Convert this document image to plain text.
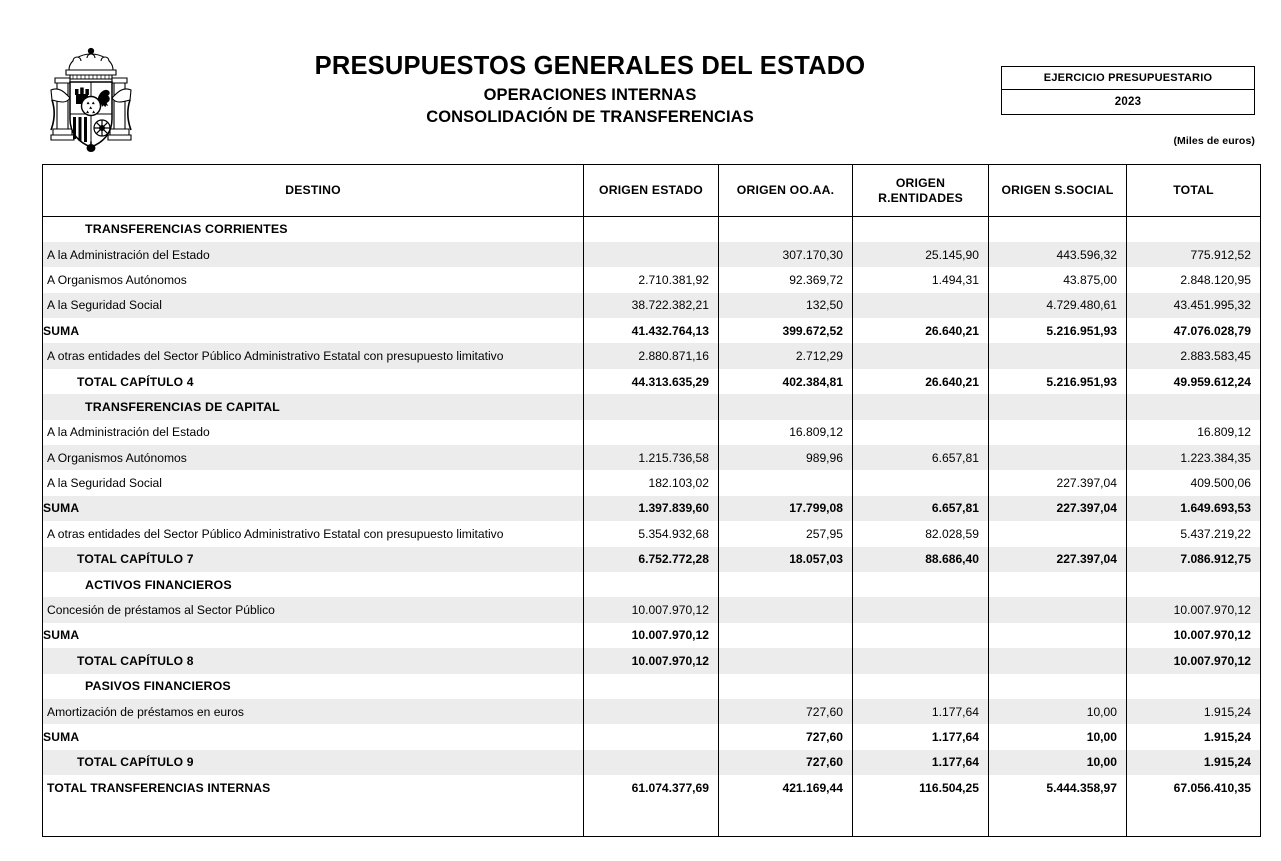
PRESUPUESTOS GENERALES DEL ESTADO
OPERACIONES INTERNAS
CONSOLIDACIÓN DE TRANSFERENCIAS
EJERCICIO PRESUPUESTARIO
2023
(Miles de euros)
DESTINO	ORIGEN ESTADO	ORIGEN OO.AA.	ORIGEN
R.ENTIDADES	ORIGEN S.SOCIAL	TOTAL
TRANSFERENCIAS CORRIENTES					
A la Administración del Estado		307.170,30	25.145,90	443.596,32	775.912,52
A Organismos Autónomos	2.710.381,92	92.369,72	1.494,31	43.875,00	2.848.120,95
A la Seguridad Social	38.722.382,21	132,50		4.729.480,61	43.451.995,32
SUMA	41.432.764,13	399.672,52	26.640,21	5.216.951,93	47.076.028,79
A otras entidades del Sector Público Administrativo Estatal con presupuesto limitativo	2.880.871,16	2.712,29			2.883.583,45
TOTAL CAPÍTULO 4	44.313.635,29	402.384,81	26.640,21	5.216.951,93	49.959.612,24
TRANSFERENCIAS DE CAPITAL					
A la Administración del Estado		16.809,12			16.809,12
A Organismos Autónomos	1.215.736,58	989,96	6.657,81		1.223.384,35
A la Seguridad Social	182.103,02			227.397,04	409.500,06
SUMA	1.397.839,60	17.799,08	6.657,81	227.397,04	1.649.693,53
A otras entidades del Sector Público Administrativo Estatal con presupuesto limitativo	5.354.932,68	257,95	82.028,59		5.437.219,22
TOTAL CAPÍTULO 7	6.752.772,28	18.057,03	88.686,40	227.397,04	7.086.912,75
ACTIVOS FINANCIEROS					
Concesión de préstamos al Sector Público	10.007.970,12				10.007.970,12
SUMA	10.007.970,12				10.007.970,12
TOTAL CAPÍTULO 8	10.007.970,12				10.007.970,12
PASIVOS FINANCIEROS					
Amortización de préstamos en euros		727,60	1.177,64	10,00	1.915,24
SUMA		727,60	1.177,64	10,00	1.915,24
TOTAL CAPÍTULO 9		727,60	1.177,64	10,00	1.915,24
TOTAL TRANSFERENCIAS INTERNAS	61.074.377,69	421.169,44	116.504,25	5.444.358,97	67.056.410,35
